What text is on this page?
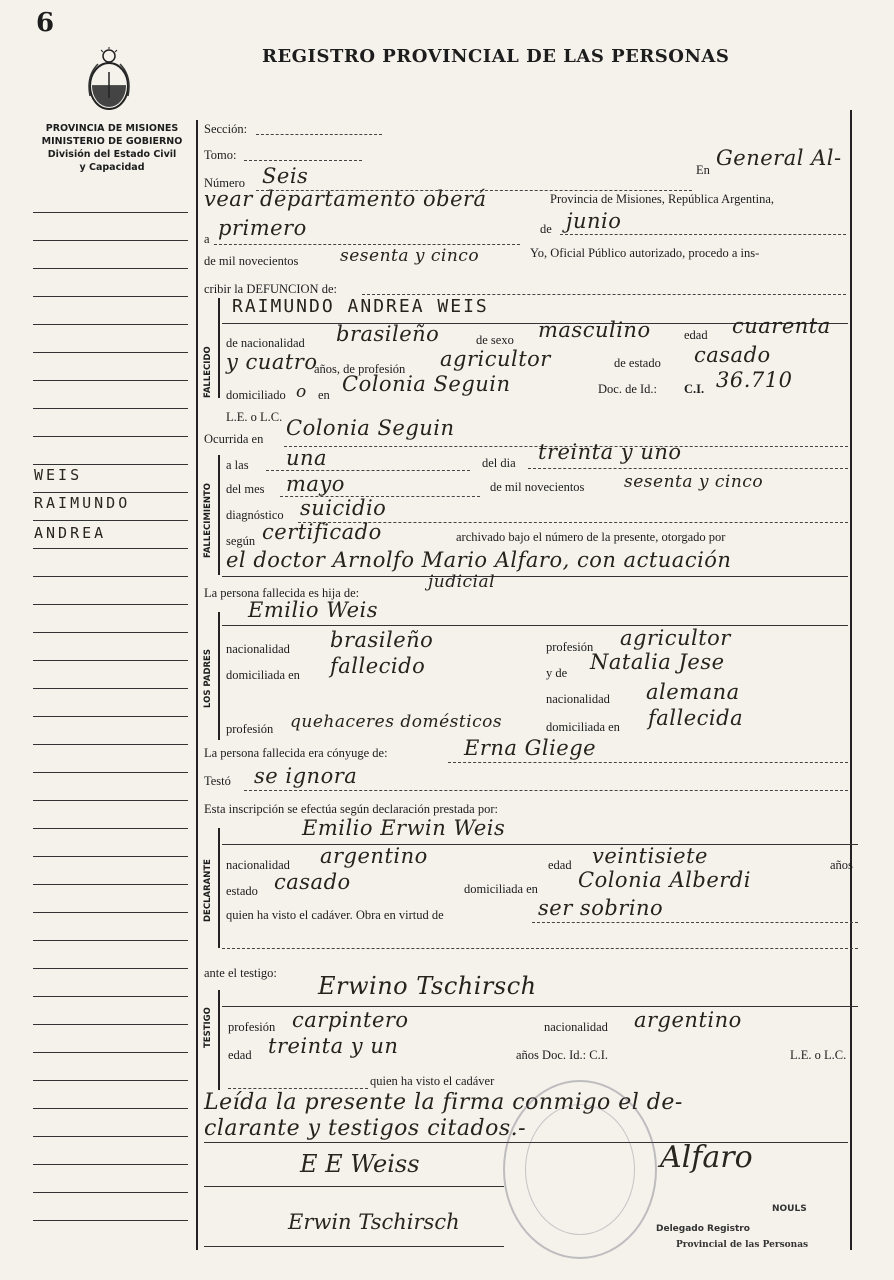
6
REGISTRO PROVINCIAL DE LAS PERSONAS
PROVINCIA DE MISIONES
MINISTERIO DE GOBIERNO
División del Estado Civil
y Capacidad
WEIS
RAIMUNDO
ANDREA
FALLECIDO
FALLECIMIENTO
LOS PADRES
DECLARANTE
TESTIGO
Sección:
Tomo:
Número Seis	En General Al-
vear departamento oberá	Provincia de Misiones, República Argentina,
a primero	de junio
de mil novecientos sesenta y cinco	Yo, Oficial Público autorizado, procedo a ins-
cribir la DEFUNCION de:
RAIMUNDO ANDREA WEIS
de nacionalidad brasileño	de sexo masculino	edad cuarenta
y cuatro
años, de profesión agricultor	de estado casado
domiciliado o en Colonia Seguin	Doc. de Id.: C.I. 36.710
L.E. o L.C.
Ocurrida en Colonia Seguin
a las una	del dia treinta y uno
del mes mayo	de mil novecientos sesenta y cinco
diagnóstico suicidio
según certificado	archivado bajo el número de la presente, otorgado por
el doctor Arnolfo Mario Alfaro, con actuación
La persona fallecida es hija de:
judicial
Emilio Weis
nacionalidad brasileño	profesión agricultor
domiciliada en fallecido	y de Natalia Jese
nacionalidad alemana
profesión quehaceres domésticos	domiciliada en fallecida
La persona fallecida era cónyuge de:	Erna Gliege
Testó se ignora
Esta inscripción se efectúa según declaración prestada por:
Emilio Erwin Weis
nacionalidad argentino	edad veintisiete	años
estado casado	domiciliada en Colonia Alberdi
quien ha visto el cadáver. Obra en virtud de	ser sobrino
ante el testigo: Erwino Tschirsch
profesión carpintero	nacionalidad argentino
edad treinta y un	años Doc. Id.: C.I.	L.E. o L.C.
quien ha visto el cadáver
Leída la presente la firma conmigo el de-
clarante y testigos citados.-
E E Weiss
Erwin Tschirsch
Alfaro
NOULS
Delegado Registro
Provincial de las Personas
